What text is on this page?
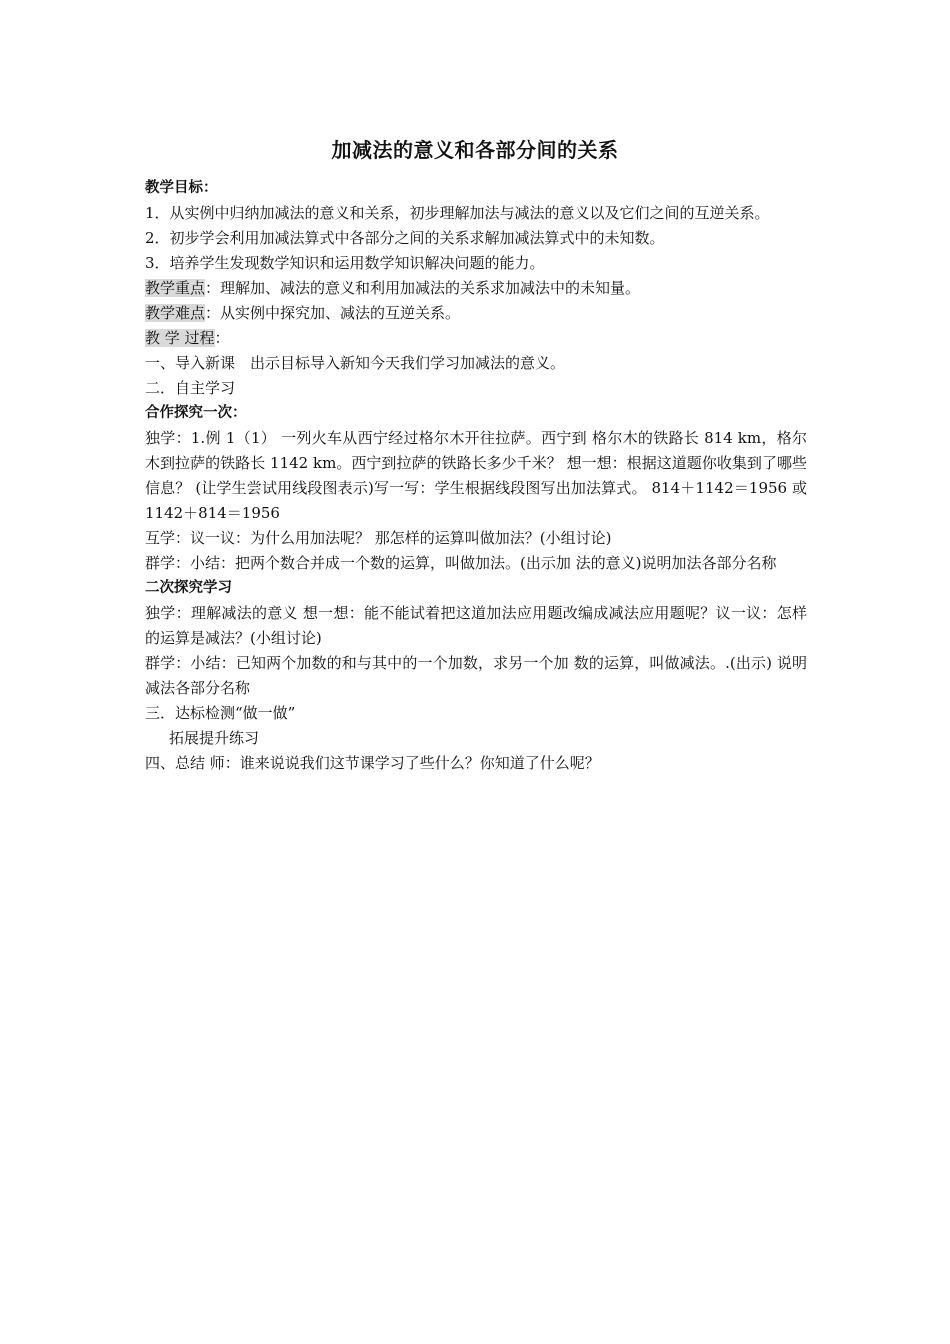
加减法的意义和各部分间的关系

教学目标：

1．从实例中归纳加减法的意义和关系，初步理解加法与减法的意义以及它们之间的互逆关系。

2．初步学会利用加减法算式中各部分之间的关系求解加减法算式中的未知数。

3．培养学生发现数学知识和运用数学知识解决问题的能力。

教学重点：理解加、减法的意义和利用加减法的关系求加减法中的未知量。

教学难点：从实例中探究加、减法的互逆关系。

教 学 过程：

一、导入新课　出示目标导入新知今天我们学习加减法的意义。

二．自主学习

合作探究一次：

独学：1.例 1（1） 一列火车从西宁经过格尔木开往拉萨。西宁到 格尔木的铁路长 814 km，格尔木到拉萨的铁路长 1142 km。西宁到拉萨的铁路长多少千米？ 想一想：根据这道题你收集到了哪些信息？ (让学生尝试用线段图表示)写一写：学生根据线段图写出加法算式。 814＋1142＝1956 或 1142＋814＝1956

互学：议一议：为什么用加法呢？ 那怎样的运算叫做加法？(小组讨论)

群学：小结：把两个数合并成一个数的运算，叫做加法。(出示加 法的意义)说明加法各部分名称

二次探究学习

独学：理解减法的意义 想一想：能不能试着把这道加法应用题改编成减法应用题呢？议一议：怎样的运算是减法？(小组讨论)

群学：小结：已知两个加数的和与其中的一个加数，求另一个加 数的运算，叫做减法。.(出示) 说明减法各部分名称

三．达标检测“做一做”

拓展提升练习

四、总结 师：谁来说说我们这节课学习了些什么？你知道了什么呢？
